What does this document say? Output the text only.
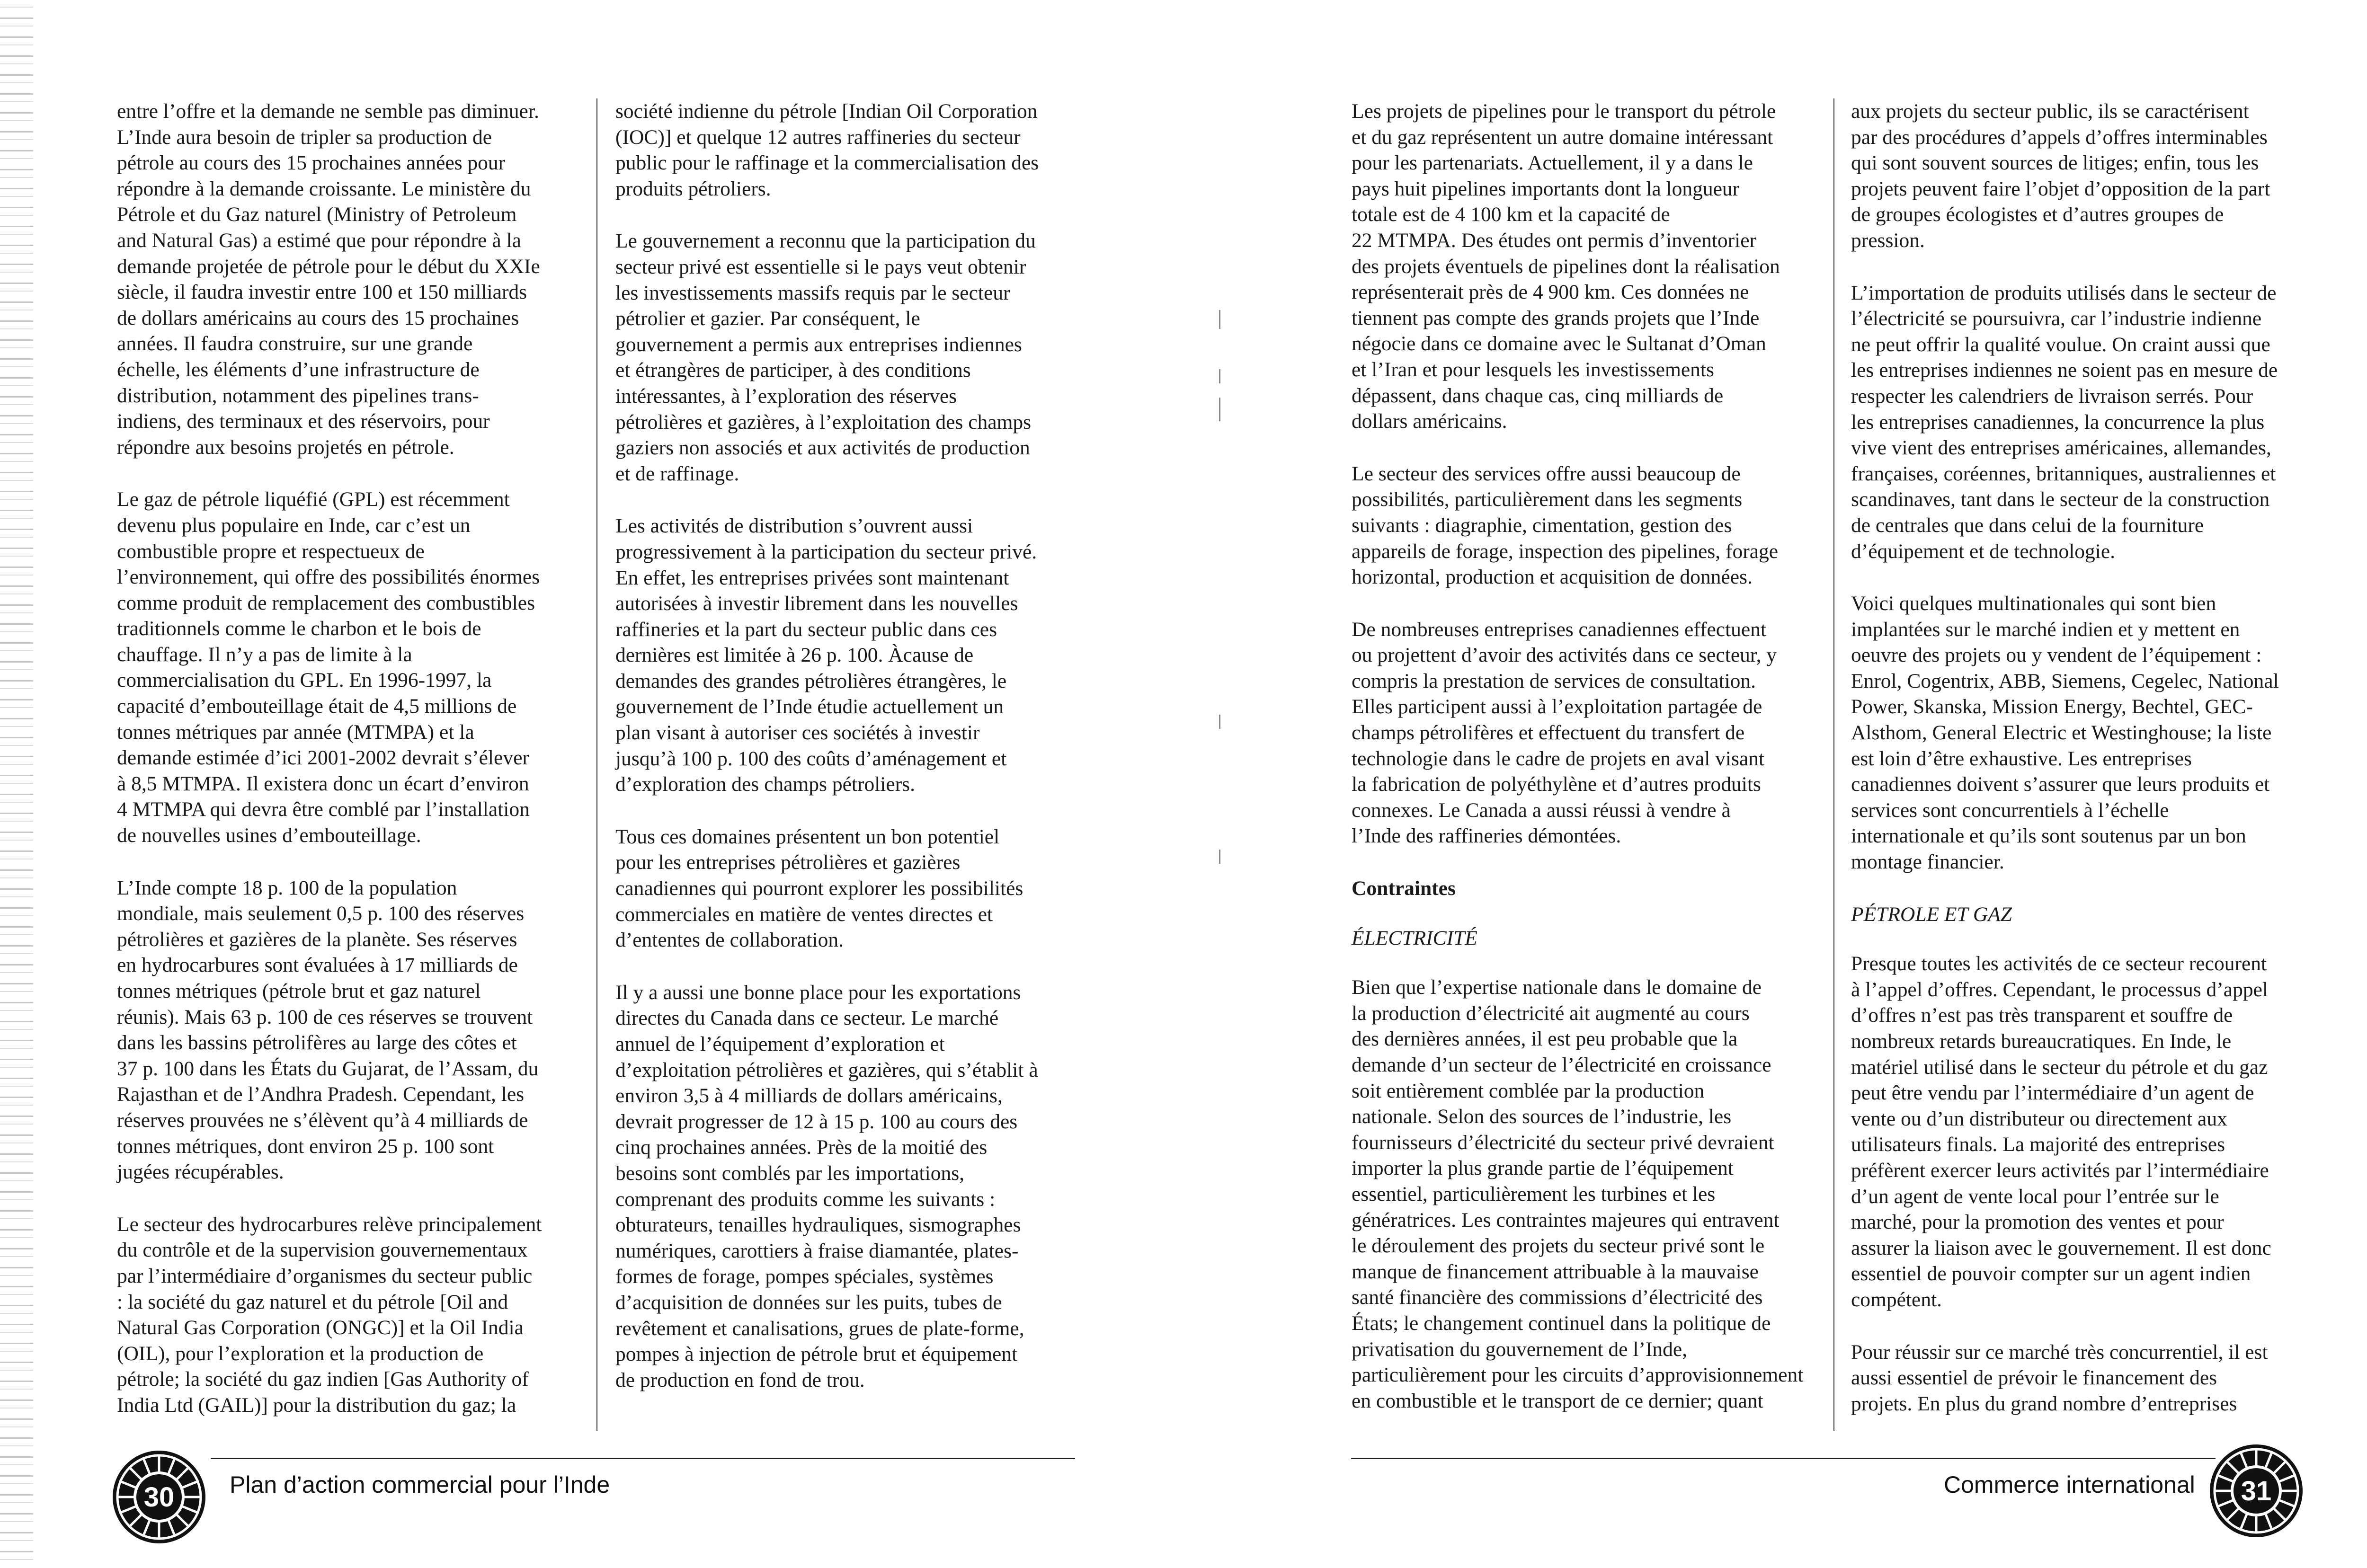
entre l’offre et la demande ne semble pas diminuer.
L’Inde aura besoin de tripler sa production de
pétrole au cours des 15 prochaines années pour
répondre à la demande croissante. Le ministère du
Pétrole et du Gaz naturel (Ministry of Petroleum
and Natural Gas) a estimé que pour répondre à la
demande projetée de pétrole pour le début du XXIe
siècle, il faudra investir entre 100 et 150 milliards
de dollars américains au cours des 15 prochaines
années. Il faudra construire, sur une grande
échelle, les éléments d’une infrastructure de
distribution, notamment des pipelines trans-
indiens, des terminaux et des réservoirs, pour
répondre aux besoins projetés en pétrole.

Le gaz de pétrole liquéfié (GPL) est récemment
devenu plus populaire en Inde, car c’est un
combustible propre et respectueux de
l’environnement, qui offre des possibilités énormes
comme produit de remplacement des combustibles
traditionnels comme le charbon et le bois de
chauffage. Il n’y a pas de limite à la
commercialisation du GPL. En 1996-1997, la
capacité d’embouteillage était de 4,5 millions de
tonnes métriques par année (MTMPA) et la
demande estimée d’ici 2001-2002 devrait s’élever
à 8,5 MTMPA. Il existera donc un écart d’environ
4 MTMPA qui devra être comblé par l’installation
de nouvelles usines d’embouteillage.

L’Inde compte 18 p. 100 de la population
mondiale, mais seulement 0,5 p. 100 des réserves
pétrolières et gazières de la planète. Ses réserves
en hydrocarbures sont évaluées à 17 milliards de
tonnes métriques (pétrole brut et gaz naturel
réunis). Mais 63 p. 100 de ces réserves se trouvent
dans les bassins pétrolifères au large des côtes et
37 p. 100 dans les États du Gujarat, de l’Assam, du
Rajasthan et de l’Andhra Pradesh. Cependant, les
réserves prouvées ne s’élèvent qu’à 4 milliards de
tonnes métriques, dont environ 25 p. 100 sont
jugées récupérables.

Le secteur des hydrocarbures relève principalement
du contrôle et de la supervision gouvernementaux
par l’intermédiaire d’organismes du secteur public
: la société du gaz naturel et du pétrole [Oil and
Natural Gas Corporation (ONGC)] et la Oil India
(OIL), pour l’exploration et la production de
pétrole; la société du gaz indien [Gas Authority of
India Ltd (GAIL)] pour la distribution du gaz; la

société indienne du pétrole [Indian Oil Corporation
(IOC)] et quelque 12 autres raffineries du secteur
public pour le raffinage et la commercialisation des
produits pétroliers.

Le gouvernement a reconnu que la participation du
secteur privé est essentielle si le pays veut obtenir
les investissements massifs requis par le secteur
pétrolier et gazier. Par conséquent, le
gouvernement a permis aux entreprises indiennes
et étrangères de participer, à des conditions
intéressantes, à l’exploration des réserves
pétrolières et gazières, à l’exploitation des champs
gaziers non associés et aux activités de production
et de raffinage.

Les activités de distribution s’ouvrent aussi
progressivement à la participation du secteur privé.
En effet, les entreprises privées sont maintenant
autorisées à investir librement dans les nouvelles
raffineries et la part du secteur public dans ces
dernières est limitée à 26 p. 100. Àcause de
demandes des grandes pétrolières étrangères, le
gouvernement de l’Inde étudie actuellement un
plan visant à autoriser ces sociétés à investir
jusqu’à 100 p. 100 des coûts d’aménagement et
d’exploration des champs pétroliers.

Tous ces domaines présentent un bon potentiel
pour les entreprises pétrolières et gazières
canadiennes qui pourront explorer les possibilités
commerciales en matière de ventes directes et
d’ententes de collaboration.

Il y a aussi une bonne place pour les exportations
directes du Canada dans ce secteur. Le marché
annuel de l’équipement d’exploration et
d’exploitation pétrolières et gazières, qui s’établit à
environ 3,5 à 4 milliards de dollars américains,
devrait progresser de 12 à 15 p. 100 au cours des
cinq prochaines années. Près de la moitié des
besoins sont comblés par les importations,
comprenant des produits comme les suivants :
obturateurs, tenailles hydrauliques, sismographes
numériques, carottiers à fraise diamantée, plates-
formes de forage, pompes spéciales, systèmes
d’acquisition de données sur les puits, tubes de
revêtement et canalisations, grues de plate-forme,
pompes à injection de pétrole brut et équipement
de production en fond de trou.

Les projets de pipelines pour le transport du pétrole
et du gaz représentent un autre domaine intéressant
pour les partenariats. Actuellement, il y a dans le
pays huit pipelines importants dont la longueur
totale est de 4 100 km et la capacité de
22 MTMPA. Des études ont permis d’inventorier
des projets éventuels de pipelines dont la réalisation
représenterait près de 4 900 km. Ces données ne
tiennent pas compte des grands projets que l’Inde
négocie dans ce domaine avec le Sultanat d’Oman
et l’Iran et pour lesquels les investissements
dépassent, dans chaque cas, cinq milliards de
dollars américains.

Le secteur des services offre aussi beaucoup de
possibilités, particulièrement dans les segments
suivants : diagraphie, cimentation, gestion des
appareils de forage, inspection des pipelines, forage
horizontal, production et acquisition de données.

De nombreuses entreprises canadiennes effectuent
ou projettent d’avoir des activités dans ce secteur, y
compris la prestation de services de consultation.
Elles participent aussi à l’exploitation partagée de
champs pétrolifères et effectuent du transfert de
technologie dans le cadre de projets en aval visant
la fabrication de polyéthylène et d’autres produits
connexes. Le Canada a aussi réussi à vendre à
l’Inde des raffineries démontées.

Contraintes

ÉLECTRICITÉ

Bien que l’expertise nationale dans le domaine de
la production d’électricité ait augmenté au cours
des dernières années, il est peu probable que la
demande d’un secteur de l’électricité en croissance
soit entièrement comblée par la production
nationale. Selon des sources de l’industrie, les
fournisseurs d’électricité du secteur privé devraient
importer la plus grande partie de l’équipement
essentiel, particulièrement les turbines et les
génératrices. Les contraintes majeures qui entravent
le déroulement des projets du secteur privé sont le
manque de financement attribuable à la mauvaise
santé financière des commissions d’électricité des
États; le changement continuel dans la politique de
privatisation du gouvernement de l’Inde,
particulièrement pour les circuits d’approvisionnement
en combustible et le transport de ce dernier; quant

aux projets du secteur public, ils se caractérisent
par des procédures d’appels d’offres interminables
qui sont souvent sources de litiges; enfin, tous les
projets peuvent faire l’objet d’opposition de la part
de groupes écologistes et d’autres groupes de
pression.

L’importation de produits utilisés dans le secteur de
l’électricité se poursuivra, car l’industrie indienne
ne peut offrir la qualité voulue. On craint aussi que
les entreprises indiennes ne soient pas en mesure de
respecter les calendriers de livraison serrés. Pour
les entreprises canadiennes, la concurrence la plus
vive vient des entreprises américaines, allemandes,
françaises, coréennes, britanniques, australiennes et
scandinaves, tant dans le secteur de la construction
de centrales que dans celui de la fourniture
d’équipement et de technologie.

Voici quelques multinationales qui sont bien
implantées sur le marché indien et y mettent en
oeuvre des projets ou y vendent de l’équipement :
Enrol, Cogentrix, ABB, Siemens, Cegelec, National
Power, Skanska, Mission Energy, Bechtel, GEC-
Alsthom, General Electric et Westinghouse; la liste
est loin d’être exhaustive. Les entreprises
canadiennes doivent s’assurer que leurs produits et
services sont concurrentiels à l’échelle
internationale et qu’ils sont soutenus par un bon
montage financier.

PÉTROLE ET GAZ

Presque toutes les activités de ce secteur recourent
à l’appel d’offres. Cependant, le processus d’appel
d’offres n’est pas très transparent et souffre de
nombreux retards bureaucratiques. En Inde, le
matériel utilisé dans le secteur du pétrole et du gaz
peut être vendu par l’intermédiaire d’un agent de
vente ou d’un distributeur ou directement aux
utilisateurs finals. La majorité des entreprises
préfèrent exercer leurs activités par l’intermédiaire
d’un agent de vente local pour l’entrée sur le
marché, pour la promotion des ventes et pour
assurer la liaison avec le gouvernement. Il est donc
essentiel de pouvoir compter sur un agent indien
compétent.

Pour réussir sur ce marché très concurrentiel, il est
aussi essentiel de prévoir le financement des
projets. En plus du grand nombre d’entreprises

30	Plan d’action commercial pour l’Inde	Commerce international	31
